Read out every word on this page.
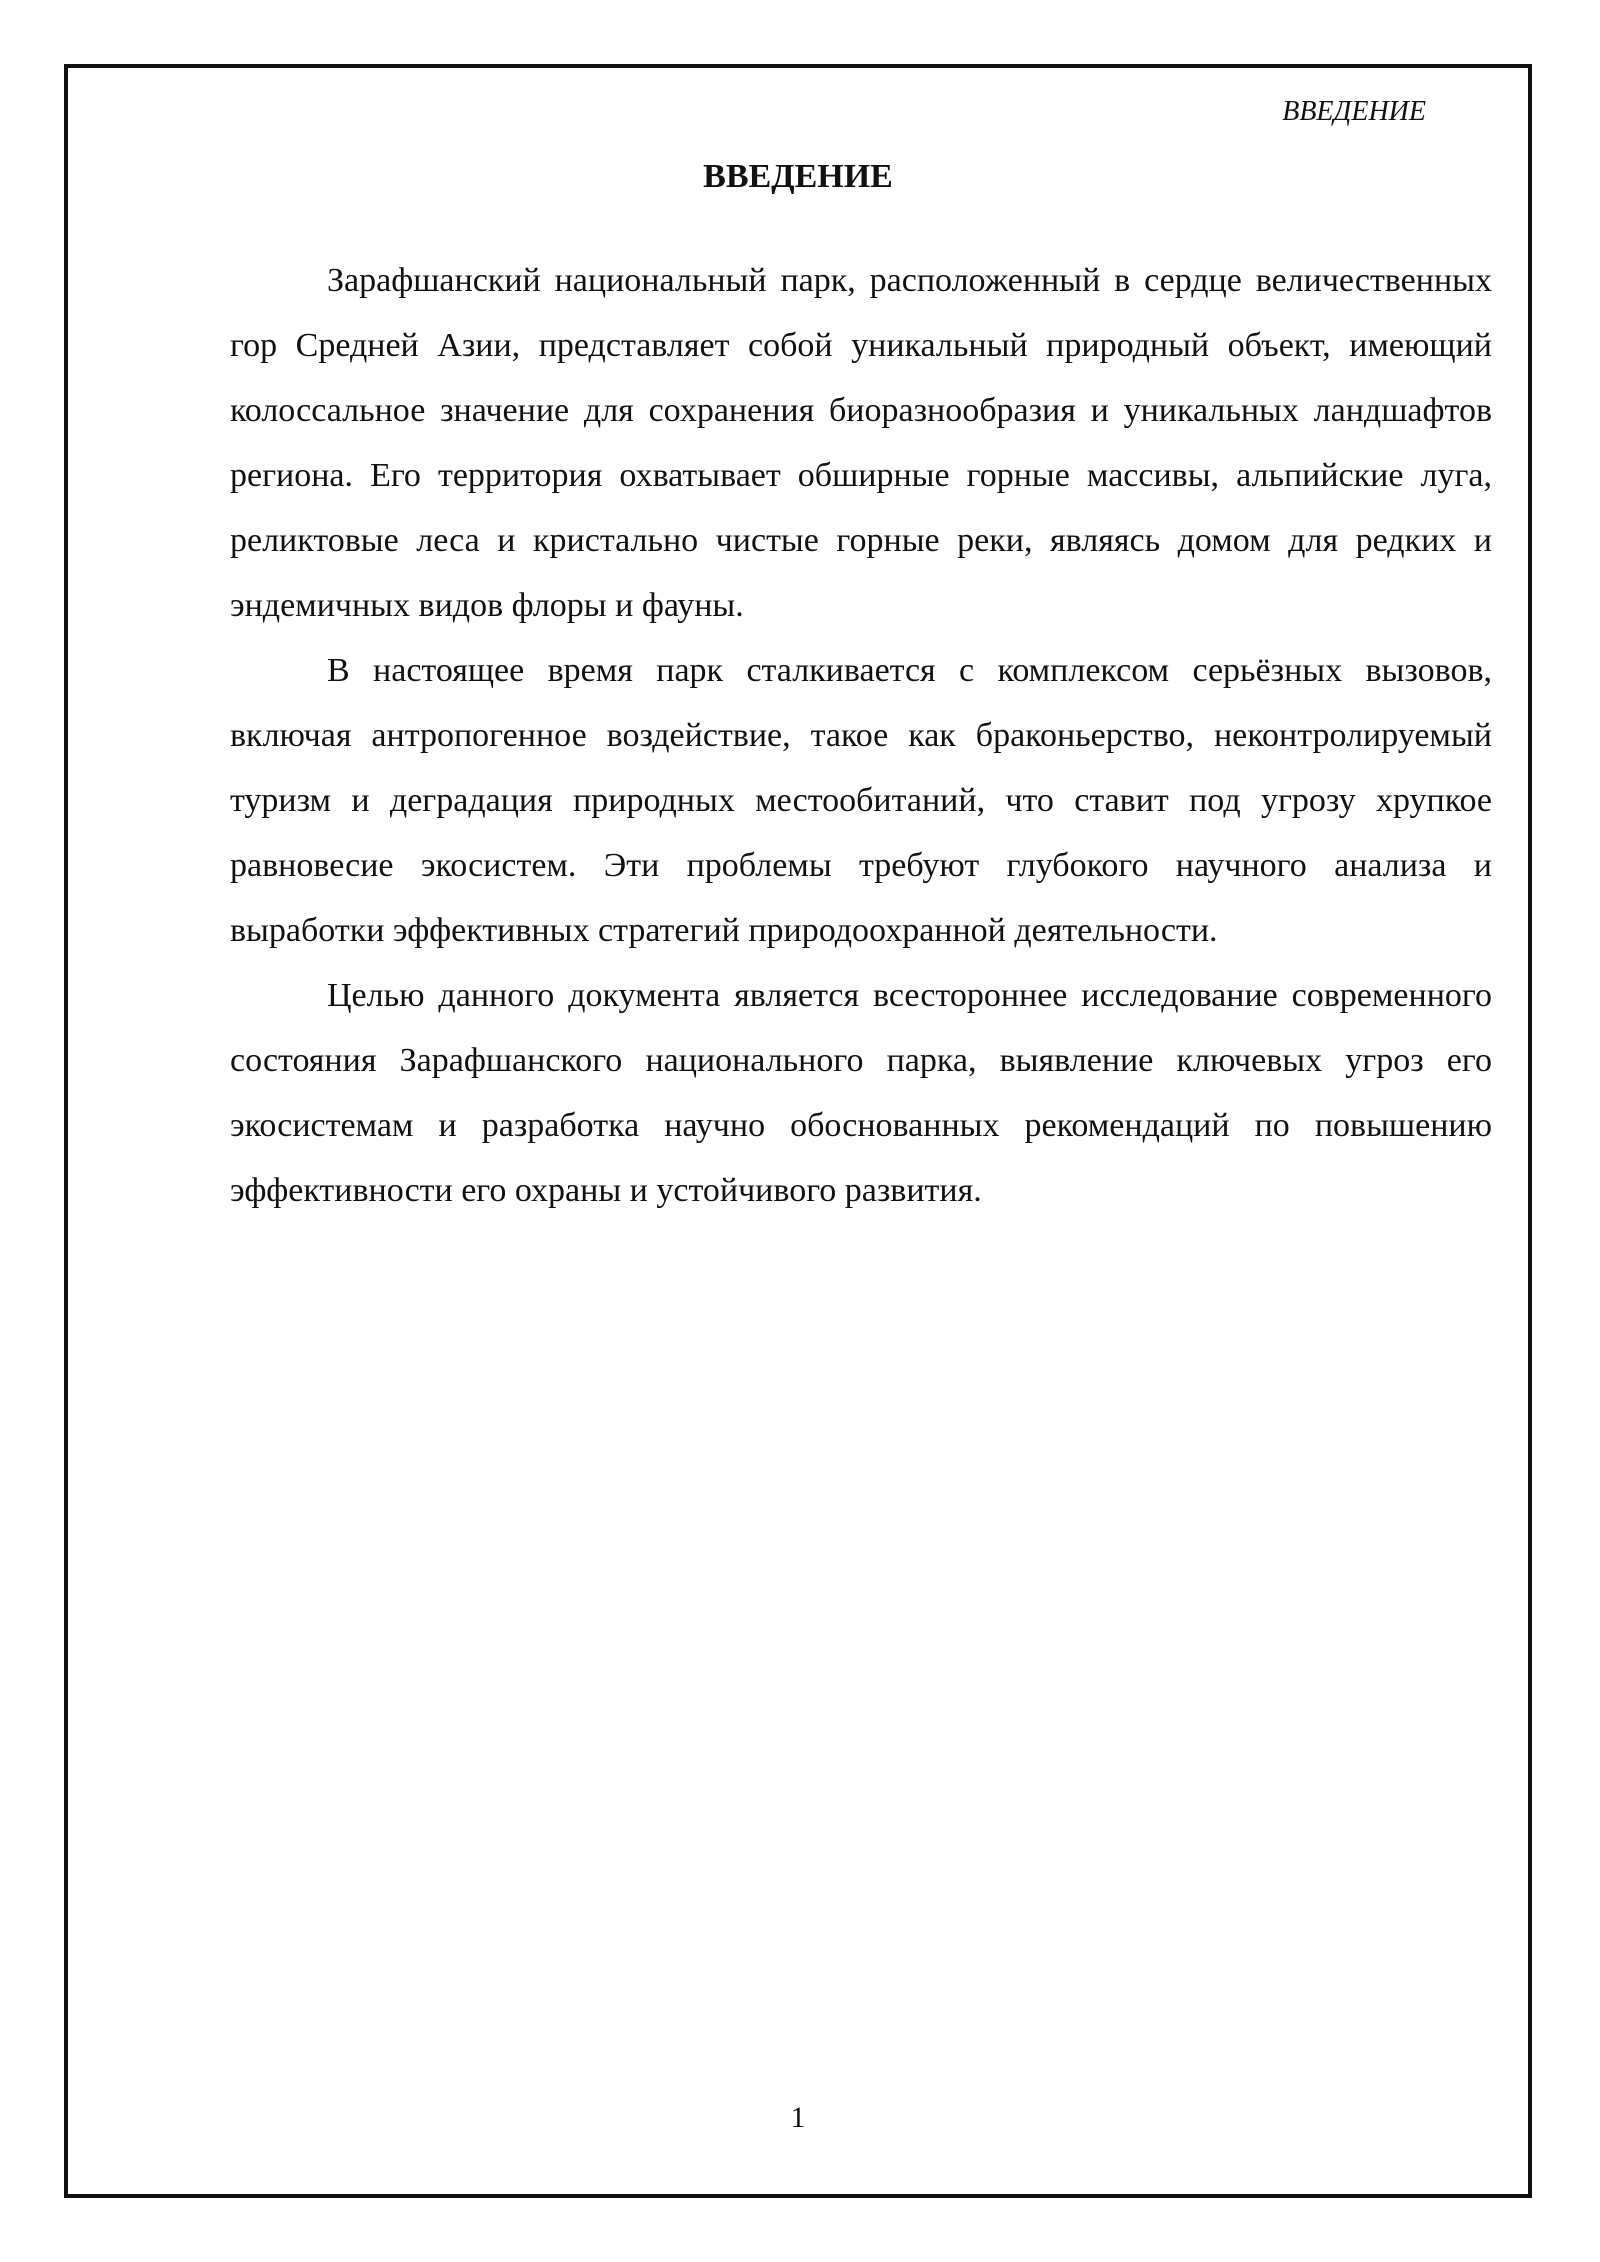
ВВЕДЕНИЕ
ВВЕДЕНИЕ

Зарафшанский национальный парк, расположенный в сердце величественных гор Средней Азии, представляет собой уникальный природный объект, имеющий колоссальное значение для сохранения биоразнообразия и уникальных ландшафтов региона. Его территория охватывает обширные горные массивы, альпийские луга, реликтовые леса и кристально чистые горные реки, являясь домом для редких и эндемичных видов флоры и фауны.

В настоящее время парк сталкивается с комплексом серьёзных вызовов, включая антропогенное воздействие, такое как браконьерство, неконтролируемый туризм и деградация природных местообитаний, что ставит под угрозу хрупкое равновесие экосистем. Эти проблемы требуют глубокого научного анализа и выработки эффективных стратегий природоохранной деятельности.

Целью данного документа является всестороннее исследование современного состояния Зарафшанского национального парка, выявление ключевых угроз его экосистемам и разработка научно обоснованных рекомендаций по повышению эффективности его охраны и устойчивого развития.

1
